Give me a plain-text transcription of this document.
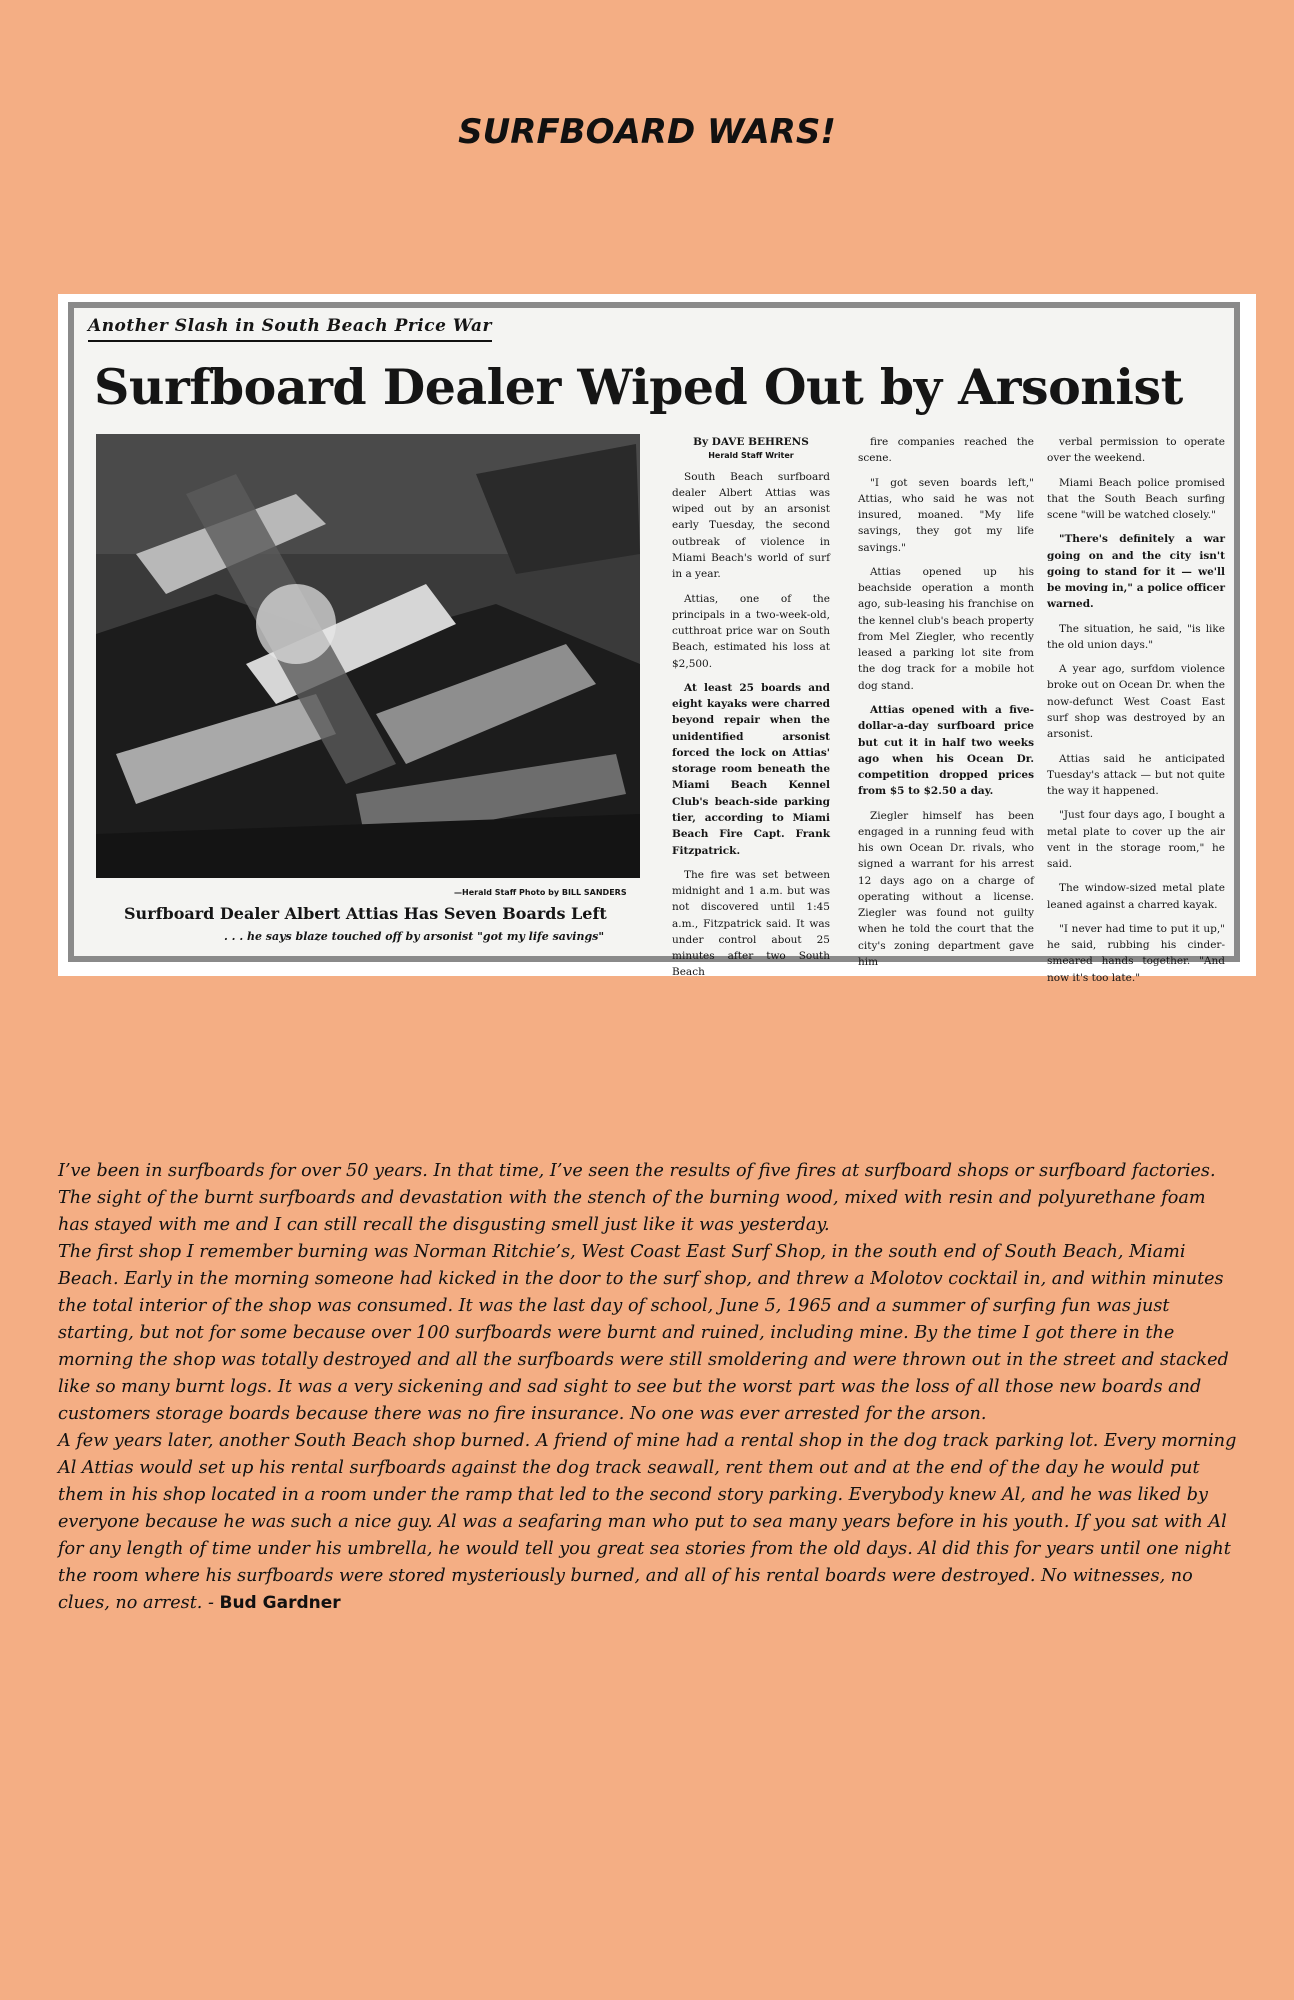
SURFBOARD WARS!
Another Slash in South Beach Price War
Surfboard Dealer Wiped Out by Arsonist
—Herald Staff Photo by BILL SANDERS
Surfboard Dealer Albert Attias Has Seven Boards Left
. . . he says blaze touched off by arsonist "got my life savings"
By DAVE BEHRENS
Herald Staff Writer

South Beach surfboard dealer Albert Attias was wiped out by an arsonist early Tuesday, the second outbreak of violence in Miami Beach's world of surf in a year.

Attias, one of the principals in a two-week-old, cutthroat price war on South Beach, estimated his loss at $2,500.

At least 25 boards and eight kayaks were charred beyond repair when the unidentified arsonist forced the lock on Attias' storage room beneath the Miami Beach Kennel Club's beach-side parking tier, according to Miami Beach Fire Capt. Frank Fitzpatrick.

The fire was set between midnight and 1 a.m. but was not discovered until 1:45 a.m., Fitzpatrick said. It was under control about 25 minutes after two South Beach

fire companies reached the scene.

"I got seven boards left," Attias, who said he was not insured, moaned. "My life savings, they got my life savings."

Attias opened up his beachside operation a month ago, sub-leasing his franchise on the kennel club's beach property from Mel Ziegler, who recently leased a parking lot site from the dog track for a mobile hot dog stand.

Attias opened with a five-dollar-a-day surfboard price but cut it in half two weeks ago when his Ocean Dr. competition dropped prices from $5 to $2.50 a day.

Ziegler himself has been engaged in a running feud with his own Ocean Dr. rivals, who signed a warrant for his arrest 12 days ago on a charge of operating without a license. Ziegler was found not guilty when he told the court that the city's zoning department gave him

verbal permission to operate over the weekend.

Miami Beach police promised that the South Beach surfing scene "will be watched closely."

"There's definitely a war going on and the city isn't going to stand for it — we'll be moving in," a police officer warned.

The situation, he said, "is like the old union days."

A year ago, surfdom violence broke out on Ocean Dr. when the now-defunct West Coast East surf shop was destroyed by an arsonist.

Attias said he anticipated Tuesday's attack — but not quite the way it happened.

"Just four days ago, I bought a metal plate to cover up the air vent in the storage room," he said.

The window-sized metal plate leaned against a charred kayak.

"I never had time to put it up," he said, rubbing his cinder-smeared hands together. "And now it's too late."

I’ve been in surfboards for over 50 years. In that time, I’ve seen the results of five fires at surfboard shops or surfboard factories. The sight of the burnt surfboards and devastation with the stench of the burning wood, mixed with resin and polyurethane foam has stayed with me and I can still recall the disgusting smell just like it was yesterday.

The first shop I remember burning was Norman Ritchie’s, West Coast East Surf Shop, in the south end of South Beach, Miami Beach. Early in the morning someone had kicked in the door to the surf shop, and threw a Molotov cocktail in, and within minutes the total interior of the shop was consumed. It was the last day of school, June 5, 1965 and a summer of surfing fun was just starting, but not for some because over 100 surfboards were burnt and ruined, including mine. By the time I got there in the morning the shop was totally destroyed and all the surfboards were still smoldering and were thrown out in the street and stacked like so many burnt logs. It was a very sickening and sad sight to see but the worst part was the loss of all those new boards and customers storage boards because there was no fire insurance. No one was ever arrested for the arson.

A few years later, another South Beach shop burned. A friend of mine had a rental shop in the dog track parking lot. Every morning Al Attias would set up his rental surfboards against the dog track seawall, rent them out and at the end of the day he would put them in his shop located in a room under the ramp that led to the second story parking. Everybody knew Al, and he was liked by everyone because he was such a nice guy. Al was a seafaring man who put to sea many years before in his youth. If you sat with Al for any length of time under his umbrella, he would tell you great sea stories from the old days. Al did this for years until one night the room where his surfboards were stored mysteriously burned, and all of his rental boards were destroyed. No witnesses, no clues, no arrest. - Bud Gardner
